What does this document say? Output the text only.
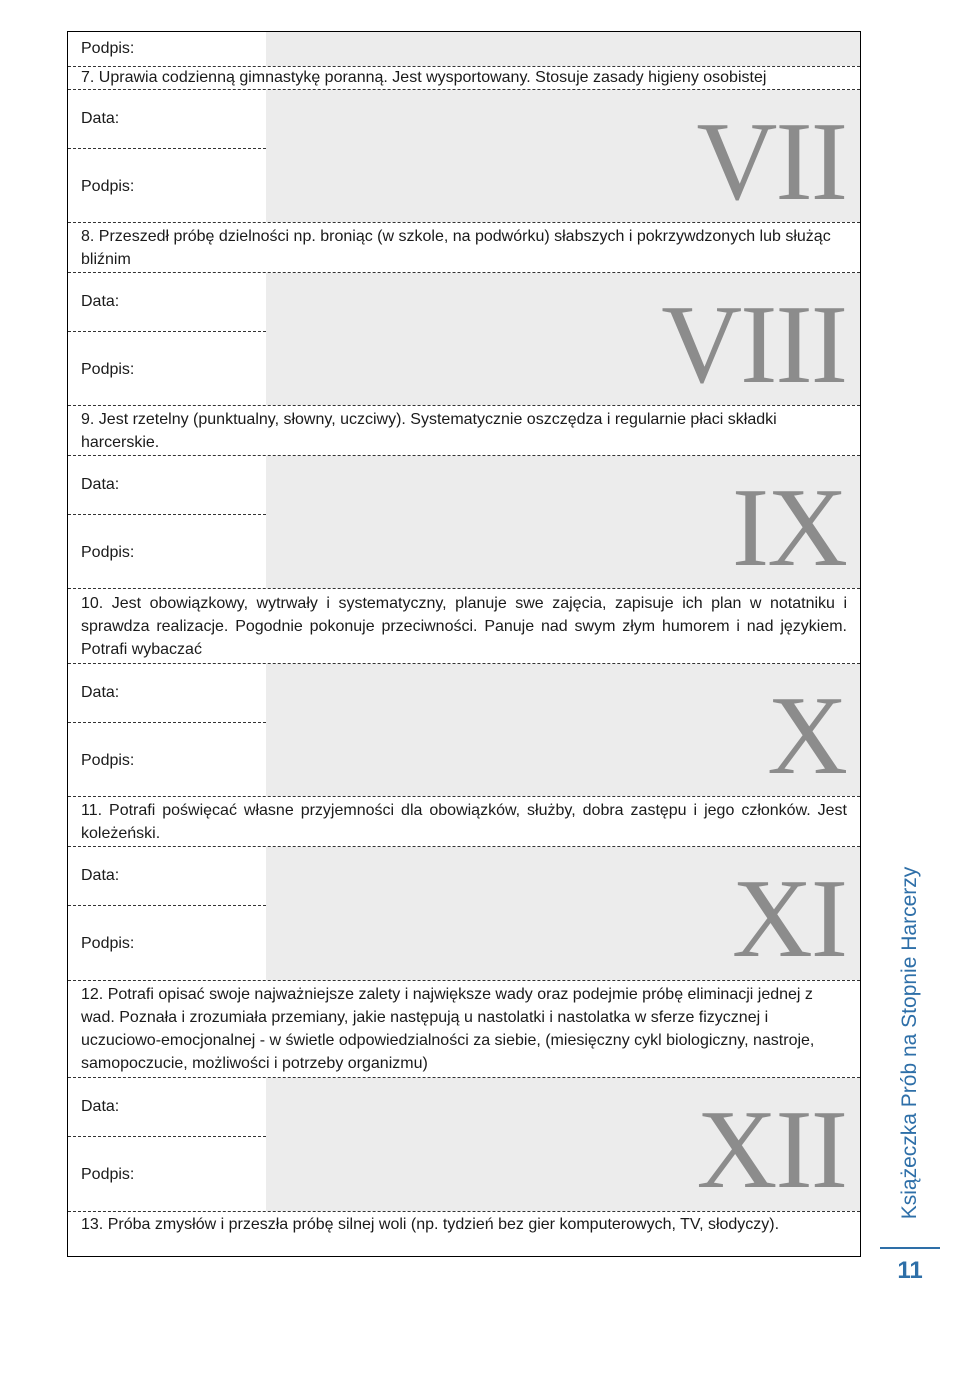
Podpis:
7. Uprawia codzienną gimnastykę poranną. Jest wysportowany. Stosuje zasady higieny osobistej
VII
Data:
Podpis:
8. Przeszedł próbę dzielności np. broniąc (w szkole, na podwórku) słabszych i pokrzywdzonych lub służąc bliźnim
VIII
Data:
Podpis:
9. Jest rzetelny (punktualny, słowny, uczciwy). Systematycznie oszczędza i regularnie płaci składki harcerskie.
IX
Data:
Podpis:
10. Jest obowiązkowy, wytrwały i systematyczny, planuje swe zajęcia, zapisuje ich plan w notatniku i sprawdza realizacje. Pogodnie pokonuje przeciwności. Panuje nad swym złym humorem i nad językiem. Potrafi wybaczać
X
Data:
Podpis:
11. Potrafi poświęcać własne przyjemności dla obowiązków, służby, dobra zastępu i jego członków. Jest koleżeński.
XI
Data:
Podpis:
12. Potrafi opisać swoje najważniejsze zalety i największe wady oraz podejmie próbę eliminacji jednej z wad. Poznała i zrozumiała przemiany, jakie następują u nastolatki i nastolatka w sferze fizycznej i uczuciowo-emocjonalnej - w świetle odpowiedzialności za siebie, (miesięczny cykl biologiczny, nastroje, samopoczucie, możliwości i potrzeby organizmu)
XII
Data:
Podpis:
13. Próba zmysłów i przeszła próbę silnej woli (np. tydzień bez gier komputerowych, TV, słodyczy).
Książeczka Prób na Stopnie Harcerzy
11
